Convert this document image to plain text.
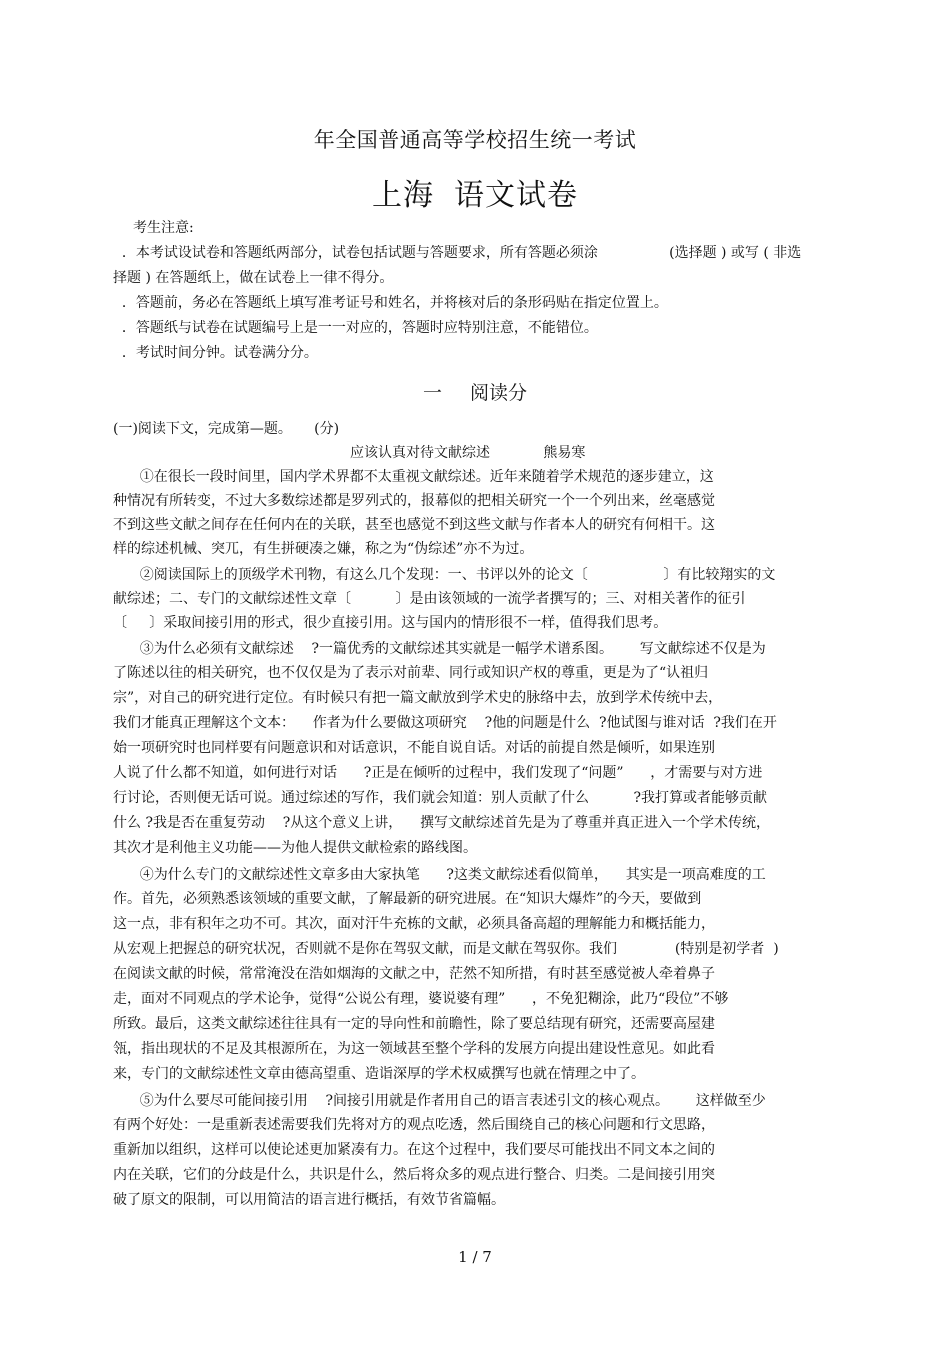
年全国普通高等学校招生统一考试
上海 语文试卷
考生注意:
．本考试设试卷和答题纸两部分，试卷包括试题与答题要求，所有答题必须涂                (选择题 ) 或写 ( 非选
择题 ) 在答题纸上，做在试卷上一律不得分。
．答题前，务必在答题纸上填写准考证号和姓名，并将核对后的条形码贴在指定位置上。
．答题纸与试卷在试题编号上是一一对应的，答题时应特别注意，不能错位。
．考试时间分钟。试卷满分分。
一 阅读分
(一)阅读下文，完成第—题。     (分)
应该认真对待文献综述            熊易寒
①在很长一段时间里，国内学术界都不太重视文献综述。近年来随着学术规范的逐步建立，这
种情况有所转变，不过大多数综述都是罗列式的，报幕似的把相关研究一个一个列出来，丝毫感觉
不到这些文献之间存在任何内在的关联，甚至也感觉不到这些文献与作者本人的研究有何相干。这
样的综述机械、突兀，有生拼硬凑之嫌，称之为“伪综述”亦不为过。
②阅读国际上的顶级学术刊物，有这么几个发现：一、书评以外的论文〔                 〕有比较翔实的文
献综述；二、专门的文献综述性文章〔          〕是由该领域的一流学者撰写的；三、对相关著作的征引
〔     〕采取间接引用的形式，很少直接引用。这与国内的情形很不一样，值得我们思考。
③为什么必须有文献综述    ?一篇优秀的文献综述其实就是一幅学术谱系图。      写文献综述不仅是为
了陈述以往的相关研究，也不仅仅是为了表示对前辈、同行或知识产权的尊重，更是为了“认祖归
宗”，对自己的研究进行定位。有时候只有把一篇文献放到学术史的脉络中去，放到学术传统中去，
我们才能真正理解这个文本：    作者为什么要做这项研究    ?他的问题是什么  ?他试图与谁对话  ?我们在开
始一项研究时也同样要有问题意识和对话意识，不能自说自话。对话的前提自然是倾听，如果连别
人说了什么都不知道，如何进行对话      ?正是在倾听的过程中，我们发现了“问题”      ，才需要与对方进
行讨论，否则便无话可说。通过综述的写作，我们就会知道：别人贡献了什么          ?我打算或者能够贡献
什么 ?我是否在重复劳动    ?从这个意义上讲，    撰写文献综述首先是为了尊重并真正进入一个学术传统，
其次才是利他主义功能——为他人提供文献检索的路线图。
④为什么专门的文献综述性文章多由大家执笔      ?这类文献综述看似简单，    其实是一项高难度的工
作。首先，必须熟悉该领域的重要文献，了解最新的研究进展。在“知识大爆炸”的今天，要做到
这一点，非有积年之功不可。其次，面对汗牛充栋的文献，必须具备高超的理解能力和概括能力，
从宏观上把握总的研究状况，否则就不是你在驾驭文献，而是文献在驾驭你。我们             (特别是初学者  )
在阅读文献的时候，常常淹没在浩如烟海的文献之中，茫然不知所措，有时甚至感觉被人牵着鼻子
走，面对不同观点的学术论争，觉得“公说公有理，婆说婆有理”      ，不免犯糊涂，此乃“段位”不够
所致。最后，这类文献综述往往具有一定的导向性和前瞻性，除了要总结现有研究，还需要高屋建
瓴，指出现状的不足及其根源所在，为这一领域甚至整个学科的发展方向提出建设性意见。如此看
来，专门的文献综述性文章由德高望重、造诣深厚的学术权威撰写也就在情理之中了。
⑤为什么要尽可能间接引用    ?间接引用就是作者用自己的语言表述引文的核心观点。      这样做至少
有两个好处：一是重新表述需要我们先将对方的观点吃透，然后围绕自己的核心问题和行文思路，
重新加以组织，这样可以使论述更加紧凑有力。在这个过程中，我们要尽可能找出不同文本之间的
内在关联，它们的分歧是什么，共识是什么，然后将众多的观点进行整合、归类。二是间接引用突
破了原文的限制，可以用简洁的语言进行概括，有效节省篇幅。
1 / 7
